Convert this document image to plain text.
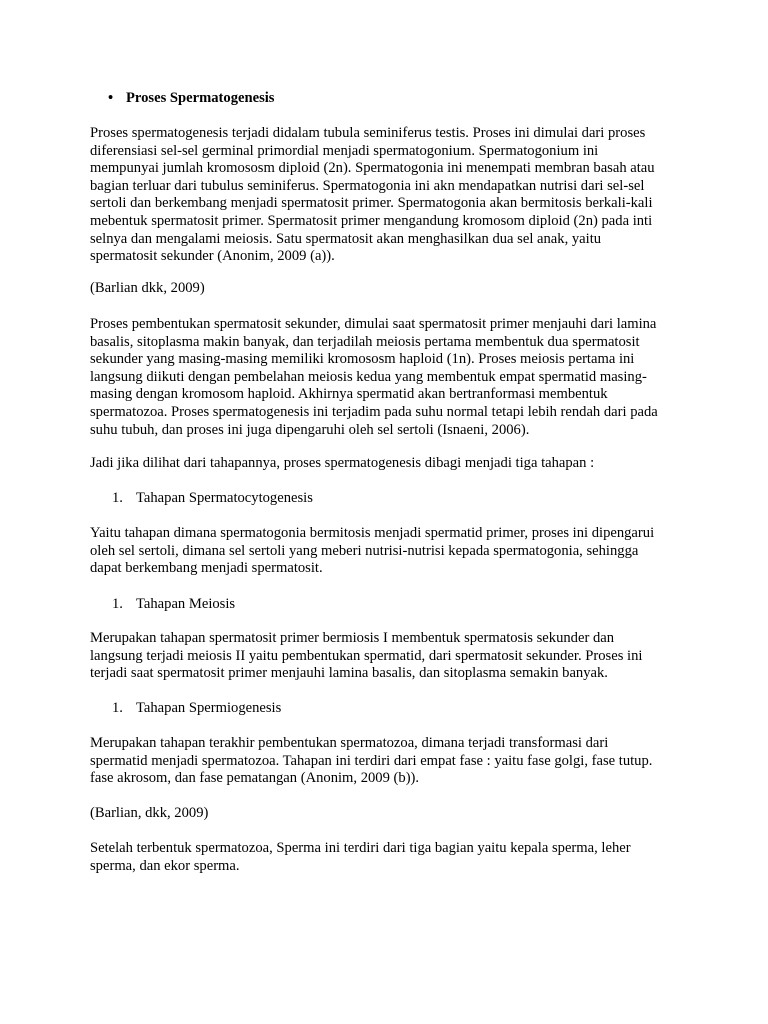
• Proses Spermatogenesis

Proses spermatogenesis terjadi didalam tubula seminiferus testis. Proses ini dimulai dari proses
diferensiasi sel-sel germinal primordial menjadi spermatogonium. Spermatogonium ini
mempunyai jumlah kromososm diploid (2n). Spermatogonia ini menempati membran basah atau
bagian terluar dari tubulus seminiferus. Spermatogonia ini akn mendapatkan nutrisi dari sel-sel
sertoli dan berkembang menjadi spermatosit primer. Spermatogonia akan bermitosis berkali-kali
mebentuk spermatosit primer. Spermatosit primer mengandung kromosom diploid (2n) pada inti
selnya dan mengalami meiosis. Satu spermatosit akan menghasilkan dua sel anak, yaitu
spermatosit sekunder (Anonim, 2009 (a)).

(Barlian dkk, 2009)

Proses pembentukan spermatosit sekunder, dimulai saat spermatosit primer menjauhi dari lamina
basalis, sitoplasma makin banyak, dan terjadilah meiosis pertama membentuk dua spermatosit
sekunder yang masing-masing memiliki kromososm haploid (1n). Proses meiosis pertama ini
langsung diikuti dengan pembelahan meiosis kedua yang membentuk empat spermatid masing-
masing dengan kromosom haploid. Akhirnya spermatid akan bertranformasi membentuk
spermatozoa. Proses spermatogenesis ini terjadim pada suhu normal tetapi lebih rendah dari pada
suhu tubuh, dan proses ini juga dipengaruhi oleh sel sertoli (Isnaeni, 2006).

Jadi jika dilihat dari tahapannya, proses spermatogenesis dibagi menjadi tiga tahapan :

1. Tahapan Spermatocytogenesis

Yaitu tahapan dimana spermatogonia bermitosis menjadi spermatid primer, proses ini dipengarui
oleh sel sertoli, dimana sel sertoli yang meberi nutrisi-nutrisi kepada spermatogonia, sehingga
dapat berkembang menjadi spermatosit.

1. Tahapan Meiosis

Merupakan tahapan spermatosit primer bermiosis I membentuk spermatosis sekunder dan
langsung terjadi meiosis II yaitu pembentukan spermatid, dari spermatosit sekunder. Proses ini
terjadi saat spermatosit primer menjauhi lamina basalis, dan sitoplasma semakin banyak.

1. Tahapan Spermiogenesis

Merupakan tahapan terakhir pembentukan spermatozoa, dimana terjadi transformasi dari
spermatid menjadi spermatozoa. Tahapan ini terdiri dari empat fase : yaitu fase golgi, fase tutup.
fase akrosom, dan fase pematangan (Anonim, 2009 (b)).

(Barlian, dkk, 2009)

Setelah terbentuk spermatozoa, Sperma ini terdiri dari tiga bagian yaitu kepala sperma, leher
sperma, dan ekor sperma.
